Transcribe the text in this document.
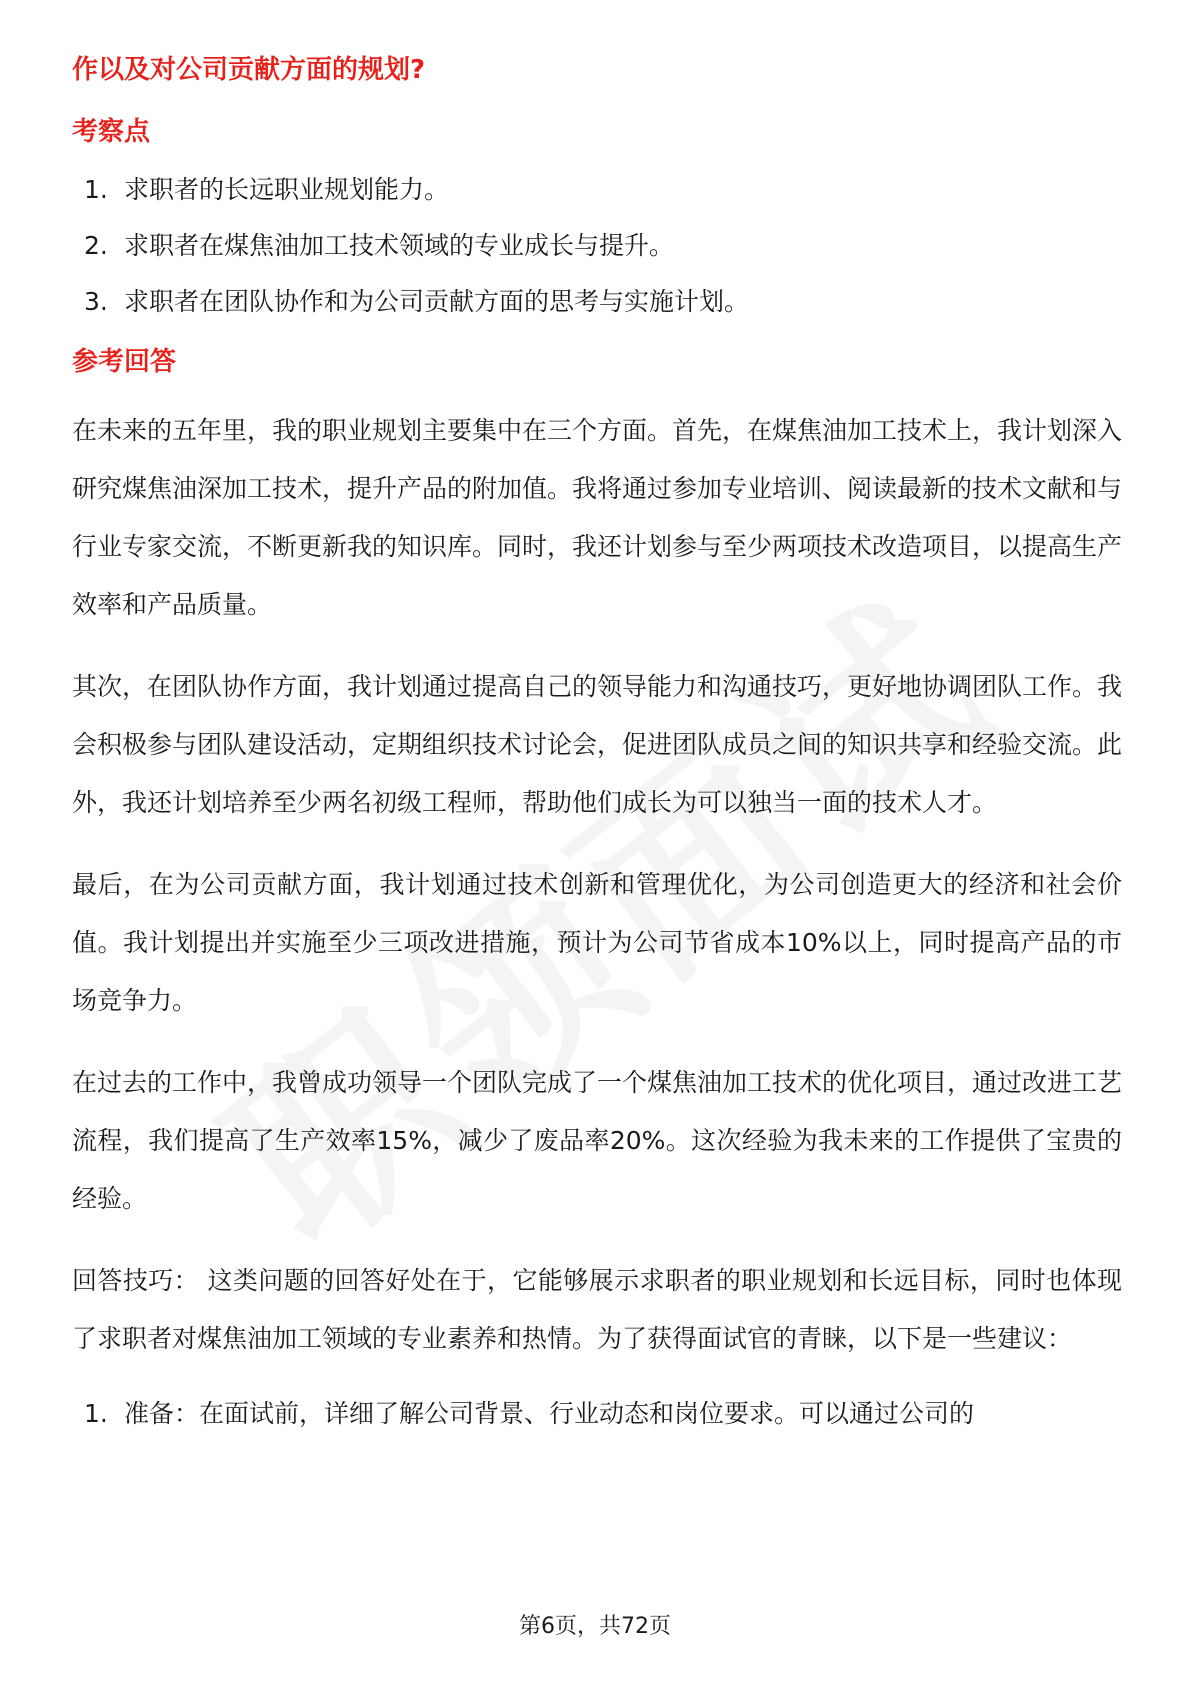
作以及对公司贡献方面的规划?
考察点
1. 求职者的长远职业规划能力。
2. 求职者在煤焦油加工技术领域的专业成长与提升。
3. 求职者在团队协作和为公司贡献方面的思考与实施计划。
参考回答

在未来的五年里，我的职业规划主要集中在三个方面。首先，在煤焦油加工技术上，我计划深入研究煤焦油深加工技术，提升产品的附加值。我将通过参加专业培训、阅读最新的技术文献和与行业专家交流，不断更新我的知识库。同时，我还计划参与至少两项技术改造项目，以提高生产效率和产品质量。

其次，在团队协作方面，我计划通过提高自己的领导能力和沟通技巧，更好地协调团队工作。我会积极参与团队建设活动，定期组织技术讨论会，促进团队成员之间的知识共享和经验交流。此外，我还计划培养至少两名初级工程师，帮助他们成长为可以独当一面的技术人才。

最后，在为公司贡献方面，我计划通过技术创新和管理优化，为公司创造更大的经济和社会价值。我计划提出并实施至少三项改进措施，预计为公司节省成本10%以上，同时提高产品的市场竞争力。

在过去的工作中，我曾成功领导一个团队完成了一个煤焦油加工技术的优化项目，通过改进工艺流程，我们提高了生产效率15%，减少了废品率20%。这次经验为我未来的工作提供了宝贵的经验。

回答技巧： 这类问题的回答好处在于，它能够展示求职者的职业规划和长远目标，同时也体现了求职者对煤焦油加工领域的专业素养和热情。为了获得面试官的青睐，以下是一些建议：

1. 准备：在面试前，详细了解公司背景、行业动态和岗位要求。可以通过公司的
第6页，共72页
